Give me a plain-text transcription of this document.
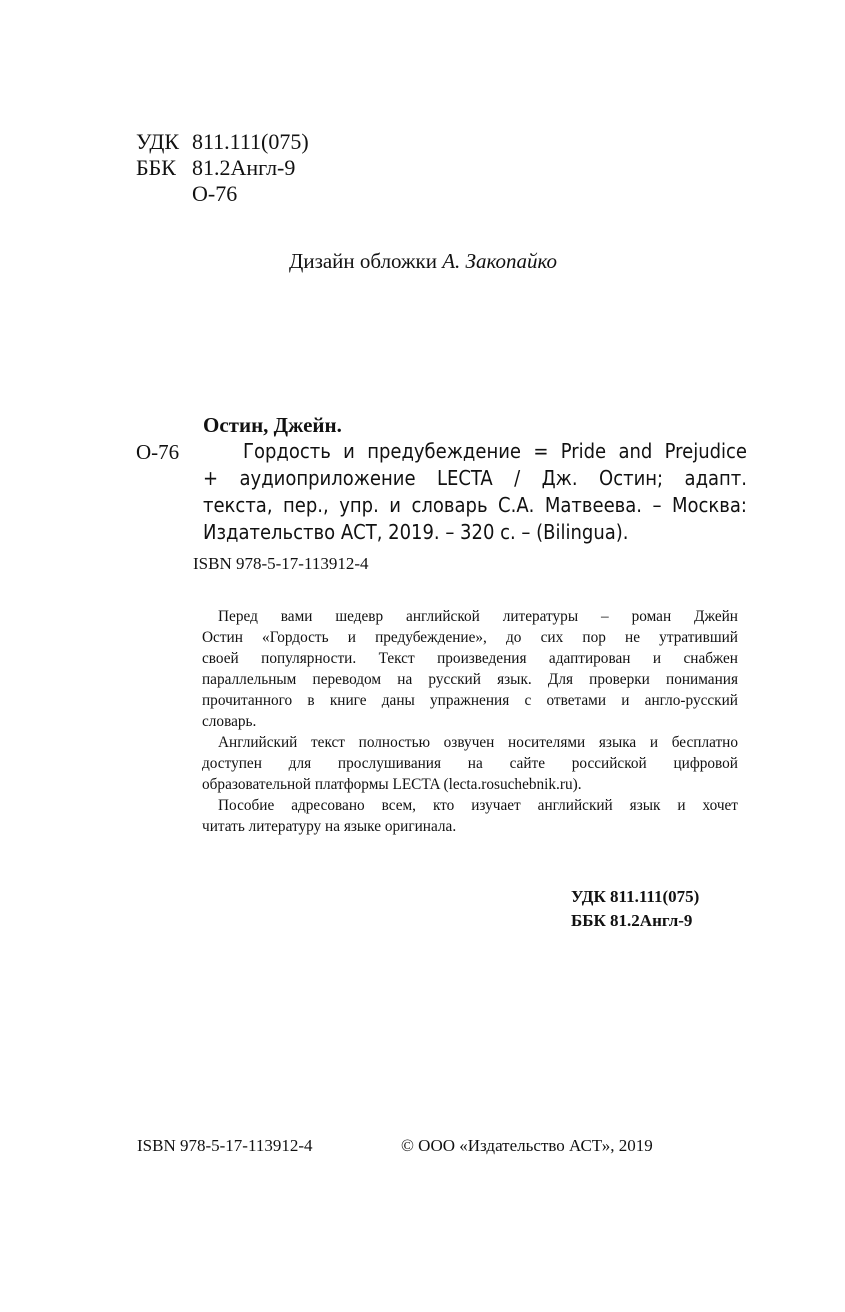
УДК 811.111(075)
ББК 81.2Англ-9
О-76
Дизайн обложки А. Закопайко
Остин, Джейн.
О-76	Гордость и предубеждение = Pride and Prejudice
+ аудиоприложение LECTA / Дж. Остин; адапт.
текста, пер., упр. и словарь С.А. Матвеева. – Москва:
Издательство АСТ, 2019. – 320 с. – (Bilingua).
ISBN 978-5-17-113912-4

Перед вами шедевр английской литературы – роман Джейн
Остин «Гордость и предубеждение», до сих пор не утративший
своей популярности. Текст произведения адаптирован и снабжен
параллельным переводом на русский язык. Для проверки понимания
прочитанного в книге даны упражнения с ответами и англо-русский
словарь.

Английский текст полностью озвучен носителями языка и бесплатно
доступен для прослушивания на сайте российской цифровой
образовательной платформы LECTA (lecta.rosuchebnik.ru).

Пособие адресовано всем, кто изучает английский язык и хочет
читать литературу на языке оригинала.

УДК 811.111(075)
ББК 81.2Англ-9
ISBN 978-5-17-113912-4	© ООО «Издательство АСТ», 2019
